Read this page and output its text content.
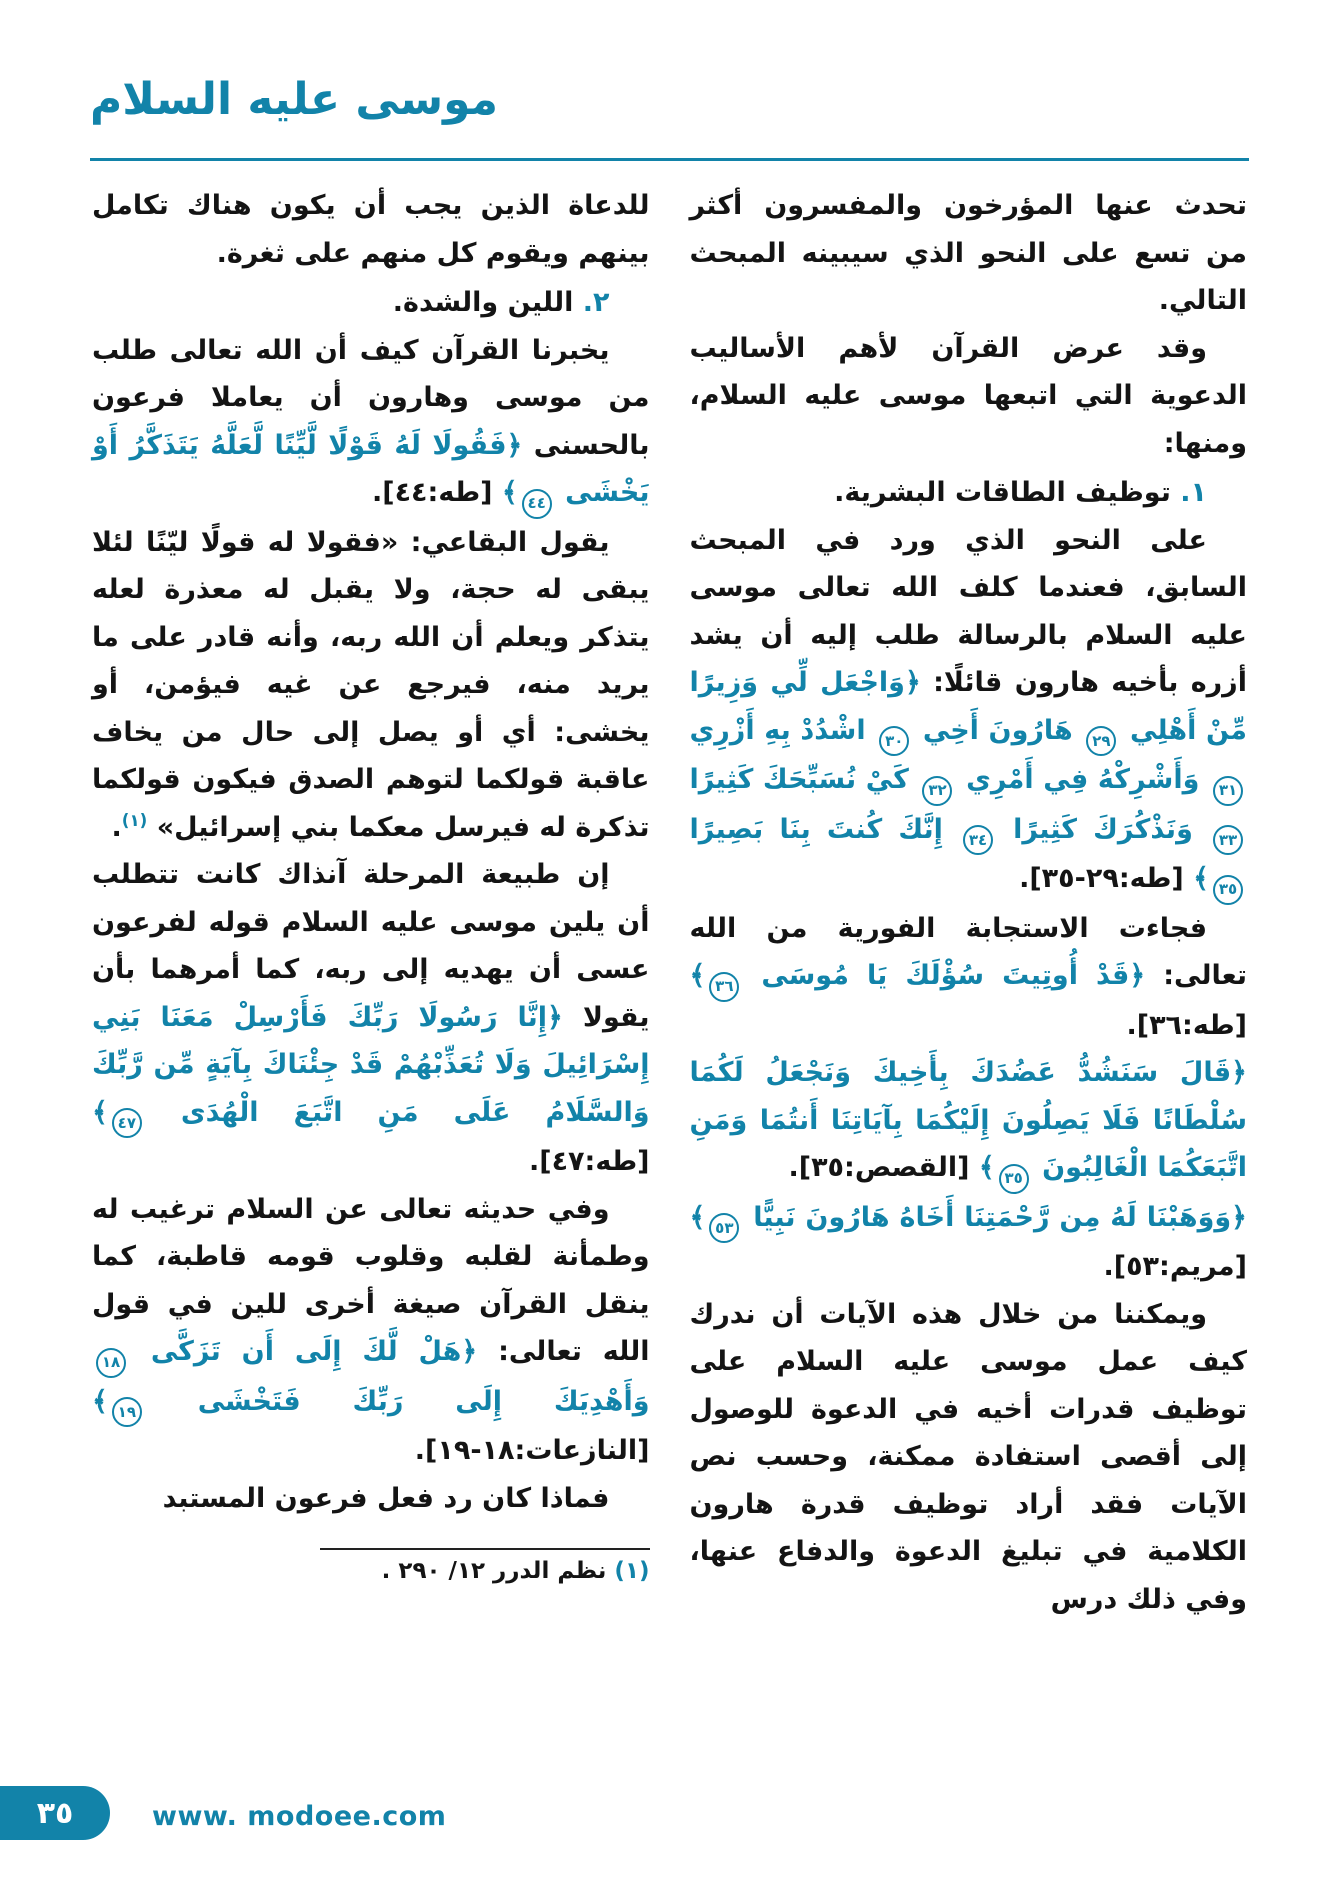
موسى عليه السلام

تحدث عنها المؤرخون والمفسرون أكثر من تسع على النحو الذي سيبينه المبحث التالي.

وقد عرض القرآن لأهم الأساليب الدعوية التي اتبعها موسى عليه السلام، ومنها:

١. توظيف الطاقات البشرية.

على النحو الذي ورد في المبحث السابق، فعندما كلف الله تعالى موسى عليه السلام بالرسالة طلب إليه أن يشد أزره بأخيه هارون قائلًا: ﴿وَاجْعَل لِّي وَزِيرًا مِّنْ أَهْلِي ٢٩ هَارُونَ أَخِي ٣٠ اشْدُدْ بِهِ أَزْرِي ٣١ وَأَشْرِكْهُ فِي أَمْرِي ٣٢ كَيْ نُسَبِّحَكَ كَثِيرًا ٣٣ وَنَذْكُرَكَ كَثِيرًا ٣٤ إِنَّكَ كُنتَ بِنَا بَصِيرًا ٣٥﴾ [طه:٢٩-٣٥].

فجاءت الاستجابة الفورية من الله تعالى: ﴿قَدْ أُوتِيتَ سُؤْلَكَ يَا مُوسَى ٣٦﴾ [طه:٣٦].

﴿قَالَ سَنَشُدُّ عَضُدَكَ بِأَخِيكَ وَنَجْعَلُ لَكُمَا سُلْطَانًا فَلَا يَصِلُونَ إِلَيْكُمَا بِآيَاتِنَا أَنتُمَا وَمَنِ اتَّبَعَكُمَا الْغَالِبُونَ ٣٥﴾ [القصص:٣٥].

﴿وَوَهَبْنَا لَهُ مِن رَّحْمَتِنَا أَخَاهُ هَارُونَ نَبِيًّا ٥٣﴾ [مريم:٥٣].

ويمكننا من خلال هذه الآيات أن ندرك كيف عمل موسى عليه السلام على توظيف قدرات أخيه في الدعوة للوصول إلى أقصى استفادة ممكنة، وحسب نص الآيات فقد أراد توظيف قدرة هارون الكلامية في تبليغ الدعوة والدفاع عنها، وفي ذلك درس

للدعاة الذين يجب أن يكون هناك تكامل بينهم ويقوم كل منهم على ثغرة.

٢. اللين والشدة.

يخبرنا القرآن كيف أن الله تعالى طلب من موسى وهارون أن يعاملا فرعون بالحسنى ﴿فَقُولَا لَهُ قَوْلًا لَّيِّنًا لَّعَلَّهُ يَتَذَكَّرُ أَوْ يَخْشَى ٤٤﴾ [طه:٤٤].

يقول البقاعي: «فقولا له قولًا ليّنًا لئلا يبقى له حجة، ولا يقبل له معذرة لعله يتذكر ويعلم أن الله ربه، وأنه قادر على ما يريد منه، فيرجع عن غيه فيؤمن، أو يخشى: أي أو يصل إلى حال من يخاف عاقبة قولكما لتوهم الصدق فيكون قولكما تذكرة له فيرسل معكما بني إسرائيل» $^{(١)}$.

إن طبيعة المرحلة آنذاك كانت تتطلب أن يلين موسى عليه السلام قوله لفرعون عسى أن يهديه إلى ربه، كما أمرهما بأن يقولا ﴿إِنَّا رَسُولَا رَبِّكَ فَأَرْسِلْ مَعَنَا بَنِي إِسْرَائِيلَ وَلَا تُعَذِّبْهُمْ قَدْ جِئْنَاكَ بِآيَةٍ مِّن رَّبِّكَ وَالسَّلَامُ عَلَى مَنِ اتَّبَعَ الْهُدَى ٤٧﴾ [طه:٤٧].

وفي حديثه تعالى عن السلام ترغيب له وطمأنة لقلبه وقلوب قومه قاطبة، كما ينقل القرآن صيغة أخرى للين في قول الله تعالى: ﴿هَلْ لَّكَ إِلَى أَن تَزَكَّى ١٨ وَأَهْدِيَكَ إِلَى رَبِّكَ فَتَخْشَى ١٩﴾ [النازعات:١٨-١٩].

فماذا كان رد فعل فرعون المستبد

(١) نظم الدرر ١٢/ ٢٩٠ .

٣٥	www. modoee.com
